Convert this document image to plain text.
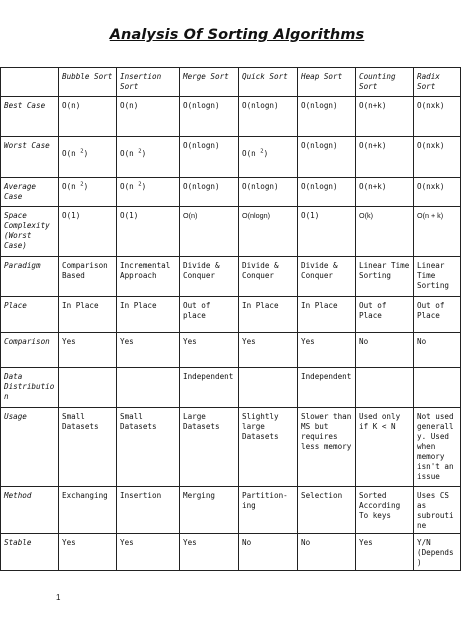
Analysis Of Sorting Algorithms
	Bubble Sort	Insertion Sort	Merge Sort	Quick Sort	Heap Sort	Counting Sort	Radix Sort
Best Case	O(n)	O(n)	O(nlogn)	O(nlogn)	O(nlogn)	O(n+k)	O(nxk)
Worst Case	O(n $^2$)	O(n $^2$)	O(nlogn)	O(n $^2$)	O(nlogn)	O(n+k)	O(nxk)
Average Case	O(n $^2$)	O(n $^2$)	O(nlogn)	O(nlogn)	O(nlogn)	O(n+k)	O(nxk)
Space Complexity (Worst Case)	O(1)	O(1)	O(n)	O(nlogn)	O(1)	O(k)	O(n + k)
Paradigm	Comparison Based	Incremental Approach	Divide & Conquer	Divide & Conquer	Divide & Conquer	Linear Time Sorting	Linear Time Sorting
Place	In Place	In Place	Out of place	In Place	In Place	Out of Place	Out of Place
Comparison	Yes	Yes	Yes	Yes	Yes	No	No
Data Distribution			Independent		Independent		
Usage	Small Datasets	Small Datasets	Large Datasets	Slightly large Datasets	Slower than MS but requires less memory	Used only if K < N	Not used generally. Used when memory isn't an issue
Method	Exchanging	Insertion	Merging	Partition-ing	Selection	Sorted According To keys	Uses CS as subroutine
Stable	Yes	Yes	Yes	No	No	Yes	Y/N (Depends)
1
